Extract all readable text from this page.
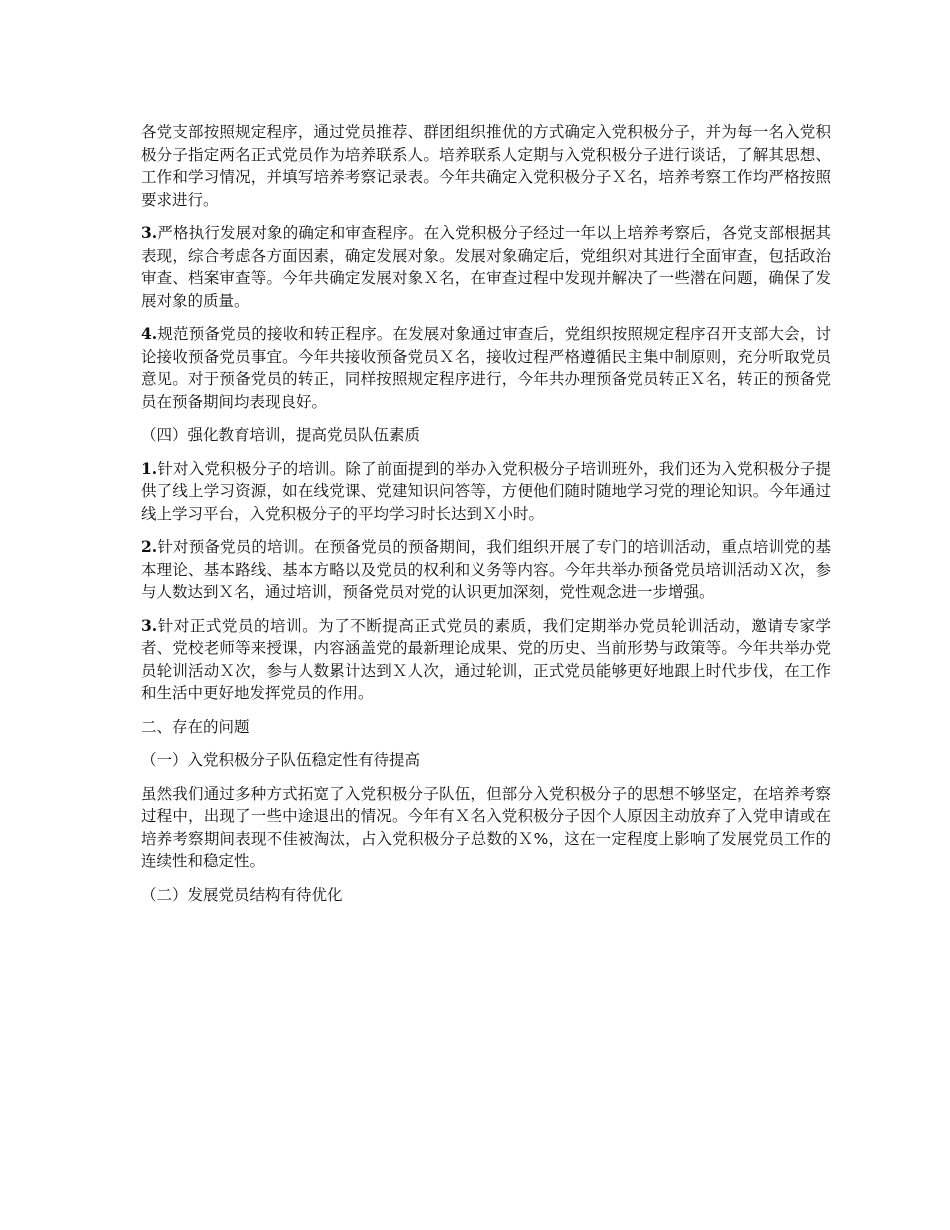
各党支部按照规定程序，通过党员推荐、群团组织推优的方式确定入党积极分子，并为每一名入党积极分子指定两名正式党员作为培养联系人。培养联系人定期与入党积极分子进行谈话，了解其思想、工作和学习情况，并填写培养考察记录表。今年共确定入党积极分子Ｘ名，培养考察工作均严格按照要求进行。

3.严格执行发展对象的确定和审查程序。在入党积极分子经过一年以上培养考察后，各党支部根据其表现，综合考虑各方面因素，确定发展对象。发展对象确定后，党组织对其进行全面审查，包括政治审查、档案审查等。今年共确定发展对象Ｘ名，在审查过程中发现并解决了一些潜在问题，确保了发展对象的质量。

4.规范预备党员的接收和转正程序。在发展对象通过审查后，党组织按照规定程序召开支部大会，讨论接收预备党员事宜。今年共接收预备党员Ｘ名，接收过程严格遵循民主集中制原则，充分听取党员意见。对于预备党员的转正，同样按照规定程序进行，今年共办理预备党员转正Ｘ名，转正的预备党员在预备期间均表现良好。

（四）强化教育培训，提高党员队伍素质

1.针对入党积极分子的培训。除了前面提到的举办入党积极分子培训班外，我们还为入党积极分子提供了线上学习资源，如在线党课、党建知识问答等，方便他们随时随地学习党的理论知识。今年通过线上学习平台，入党积极分子的平均学习时长达到Ｘ小时。

2.针对预备党员的培训。在预备党员的预备期间，我们组织开展了专门的培训活动，重点培训党的基本理论、基本路线、基本方略以及党员的权利和义务等内容。今年共举办预备党员培训活动Ｘ次，参与人数达到Ｘ名，通过培训，预备党员对党的认识更加深刻，党性观念进一步增强。

3.针对正式党员的培训。为了不断提高正式党员的素质，我们定期举办党员轮训活动，邀请专家学者、党校老师等来授课，内容涵盖党的最新理论成果、党的历史、当前形势与政策等。今年共举办党员轮训活动Ｘ次，参与人数累计达到Ｘ人次，通过轮训，正式党员能够更好地跟上时代步伐，在工作和生活中更好地发挥党员的作用。

二、存在的问题

（一）入党积极分子队伍稳定性有待提高

虽然我们通过多种方式拓宽了入党积极分子队伍，但部分入党积极分子的思想不够坚定，在培养考察过程中，出现了一些中途退出的情况。今年有Ｘ名入党积极分子因个人原因主动放弃了入党申请或在培养考察期间表现不佳被淘汰，占入党积极分子总数的Ｘ%，这在一定程度上影响了发展党员工作的连续性和稳定性。

（二）发展党员结构有待优化
